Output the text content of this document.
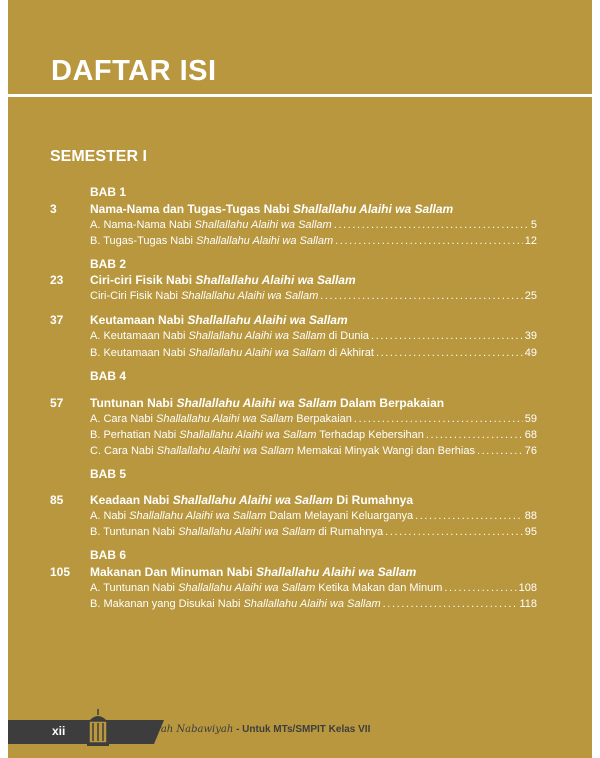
DAFTAR ISI
SEMESTER I
BAB 1
3	Nama-Nama dan Tugas-Tugas Nabi Shallallahu Alaihi wa Sallam
A. Nama-Nama Nabi Shallallahu Alaihi wa Sallam .....	5
B. Tugas-Tugas Nabi Shallallahu Alaihi wa Sallam .....	12
BAB 2
23 Ciri-ciri Fisik Nabi Shallallahu Alaihi wa Sallam
Ciri-Ciri Fisik Nabi Shallallahu Alaihi wa Sallam .....	25
37 Keutamaan Nabi Shallallahu Alaihi wa Sallam
A. Keutamaan Nabi Shallallahu Alaihi wa Sallam di Dunia .....	39
B. Keutamaan Nabi Shallallahu Alaihi wa Sallam di Akhirat .....	49
BAB 4
57 Tuntunan Nabi Shallallahu Alaihi wa Sallam Dalam Berpakaian
A. Cara Nabi Shallallahu Alaihi wa Sallam Berpakaian .....	59
B. Perhatian Nabi Shallallahu Alaihi wa Sallam Terhadap Kebersihan .....	68
C. Cara Nabi Shallallahu Alaihi wa Sallam Memakai Minyak Wangi dan Berhias .....	76
BAB 5
85 Keadaan Nabi Shallallahu Alaihi wa Sallam Di Rumahnya
A. Nabi Shallallahu Alaihi wa Sallam Dalam Melayani Keluarganya .....	88
B. Tuntunan Nabi Shallallahu Alaihi wa Sallam di Rumahnya .....	95
BAB 6
105 Makanan Dan Minuman Nabi Shallallahu Alaihi wa Sallam
A. Tuntunan Nabi Shallallahu Alaihi wa Sallam Ketika Makan dan Minum .....	108
B. Makanan yang Disukai Nabi Shallallahu Alaihi wa Sallam .....	118
xii	Sirah Nabawiyah - Untuk MTs/SMPIT Kelas VII
